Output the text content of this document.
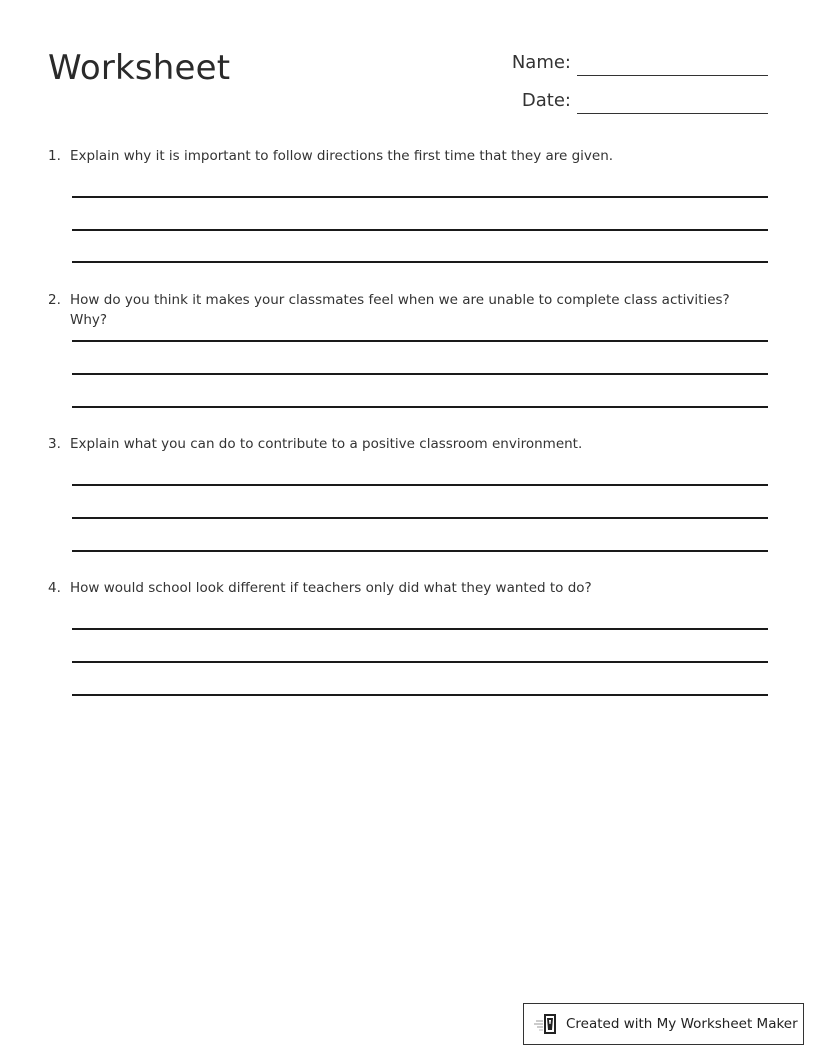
Worksheet	Name:
Date:
1. Explain why it is important to follow directions the first time that they are given.
2. How do you think it makes your classmates feel when we are unable to complete class activities? Why?
3. Explain what you can do to contribute to a positive classroom environment.
4. How would school look different if teachers only did what they wanted to do?
Created with My Worksheet Maker
